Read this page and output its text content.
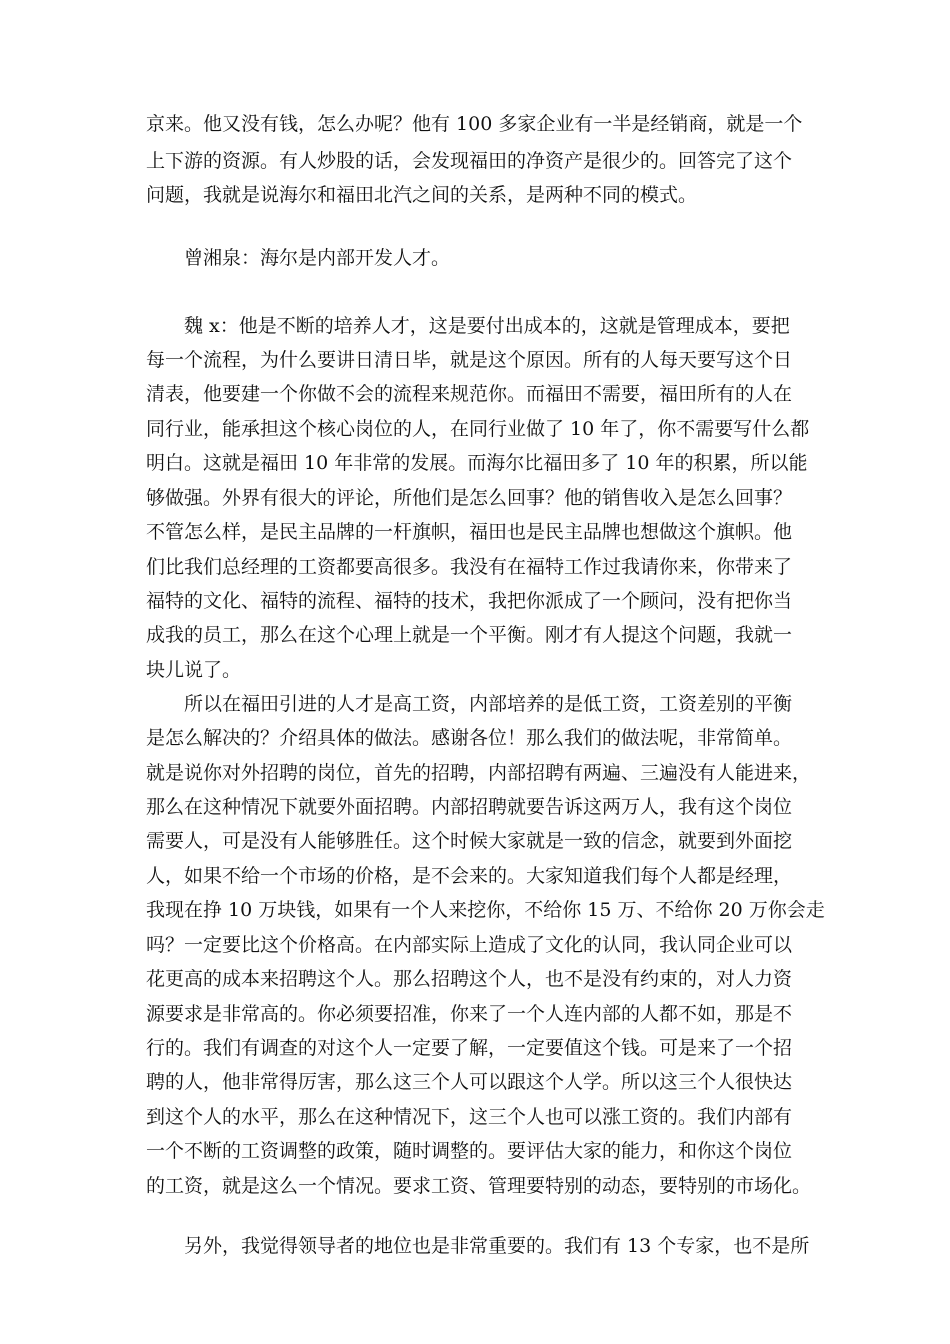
京来。他又没有钱，怎么办呢？他有 100 多家企业有一半是经销商，就是一个
上下游的资源。有人炒股的话，会发现福田的净资产是很少的。回答完了这个
问题，我就是说海尔和福田北汽之间的关系，是两种不同的模式。
曾湘泉：海尔是内部开发人才。
魏 x：他是不断的培养人才，这是要付出成本的，这就是管理成本，要把
每一个流程，为什么要讲日清日毕，就是这个原因。所有的人每天要写这个日
清表，他要建一个你做不会的流程来规范你。而福田不需要，福田所有的人在
同行业，能承担这个核心岗位的人，在同行业做了 10 年了，你不需要写什么都
明白。这就是福田 10 年非常的发展。而海尔比福田多了 10 年的积累，所以能
够做强。外界有很大的评论，所他们是怎么回事？他的销售收入是怎么回事？
不管怎么样，是民主品牌的一杆旗帜，福田也是民主品牌也想做这个旗帜。他
们比我们总经理的工资都要高很多。我没有在福特工作过我请你来，你带来了
福特的文化、福特的流程、福特的技术，我把你派成了一个顾问，没有把你当
成我的员工，那么在这个心理上就是一个平衡。刚才有人提这个问题，我就一
块儿说了。
所以在福田引进的人才是高工资，内部培养的是低工资，工资差别的平衡
是怎么解决的？介绍具体的做法。感谢各位！那么我们的做法呢，非常简单。
就是说你对外招聘的岗位，首先的招聘，内部招聘有两遍、三遍没有人能进来，
那么在这种情况下就要外面招聘。内部招聘就要告诉这两万人，我有这个岗位
需要人，可是没有人能够胜任。这个时候大家就是一致的信念，就要到外面挖
人，如果不给一个市场的价格，是不会来的。大家知道我们每个人都是经理，
我现在挣 10 万块钱，如果有一个人来挖你，不给你 15 万、不给你 20 万你会走
吗？一定要比这个价格高。在内部实际上造成了文化的认同，我认同企业可以
花更高的成本来招聘这个人。那么招聘这个人，也不是没有约束的，对人力资
源要求是非常高的。你必须要招准，你来了一个人连内部的人都不如，那是不
行的。我们有调查的对这个人一定要了解，一定要值这个钱。可是来了一个招
聘的人，他非常得厉害，那么这三个人可以跟这个人学。所以这三个人很快达
到这个人的水平，那么在这种情况下，这三个人也可以涨工资的。我们内部有
一个不断的工资调整的政策，随时调整的。要评估大家的能力，和你这个岗位
的工资，就是这么一个情况。要求工资、管理要特别的动态，要特别的市场化。
另外，我觉得领导者的地位也是非常重要的。我们有 13 个专家，也不是所
